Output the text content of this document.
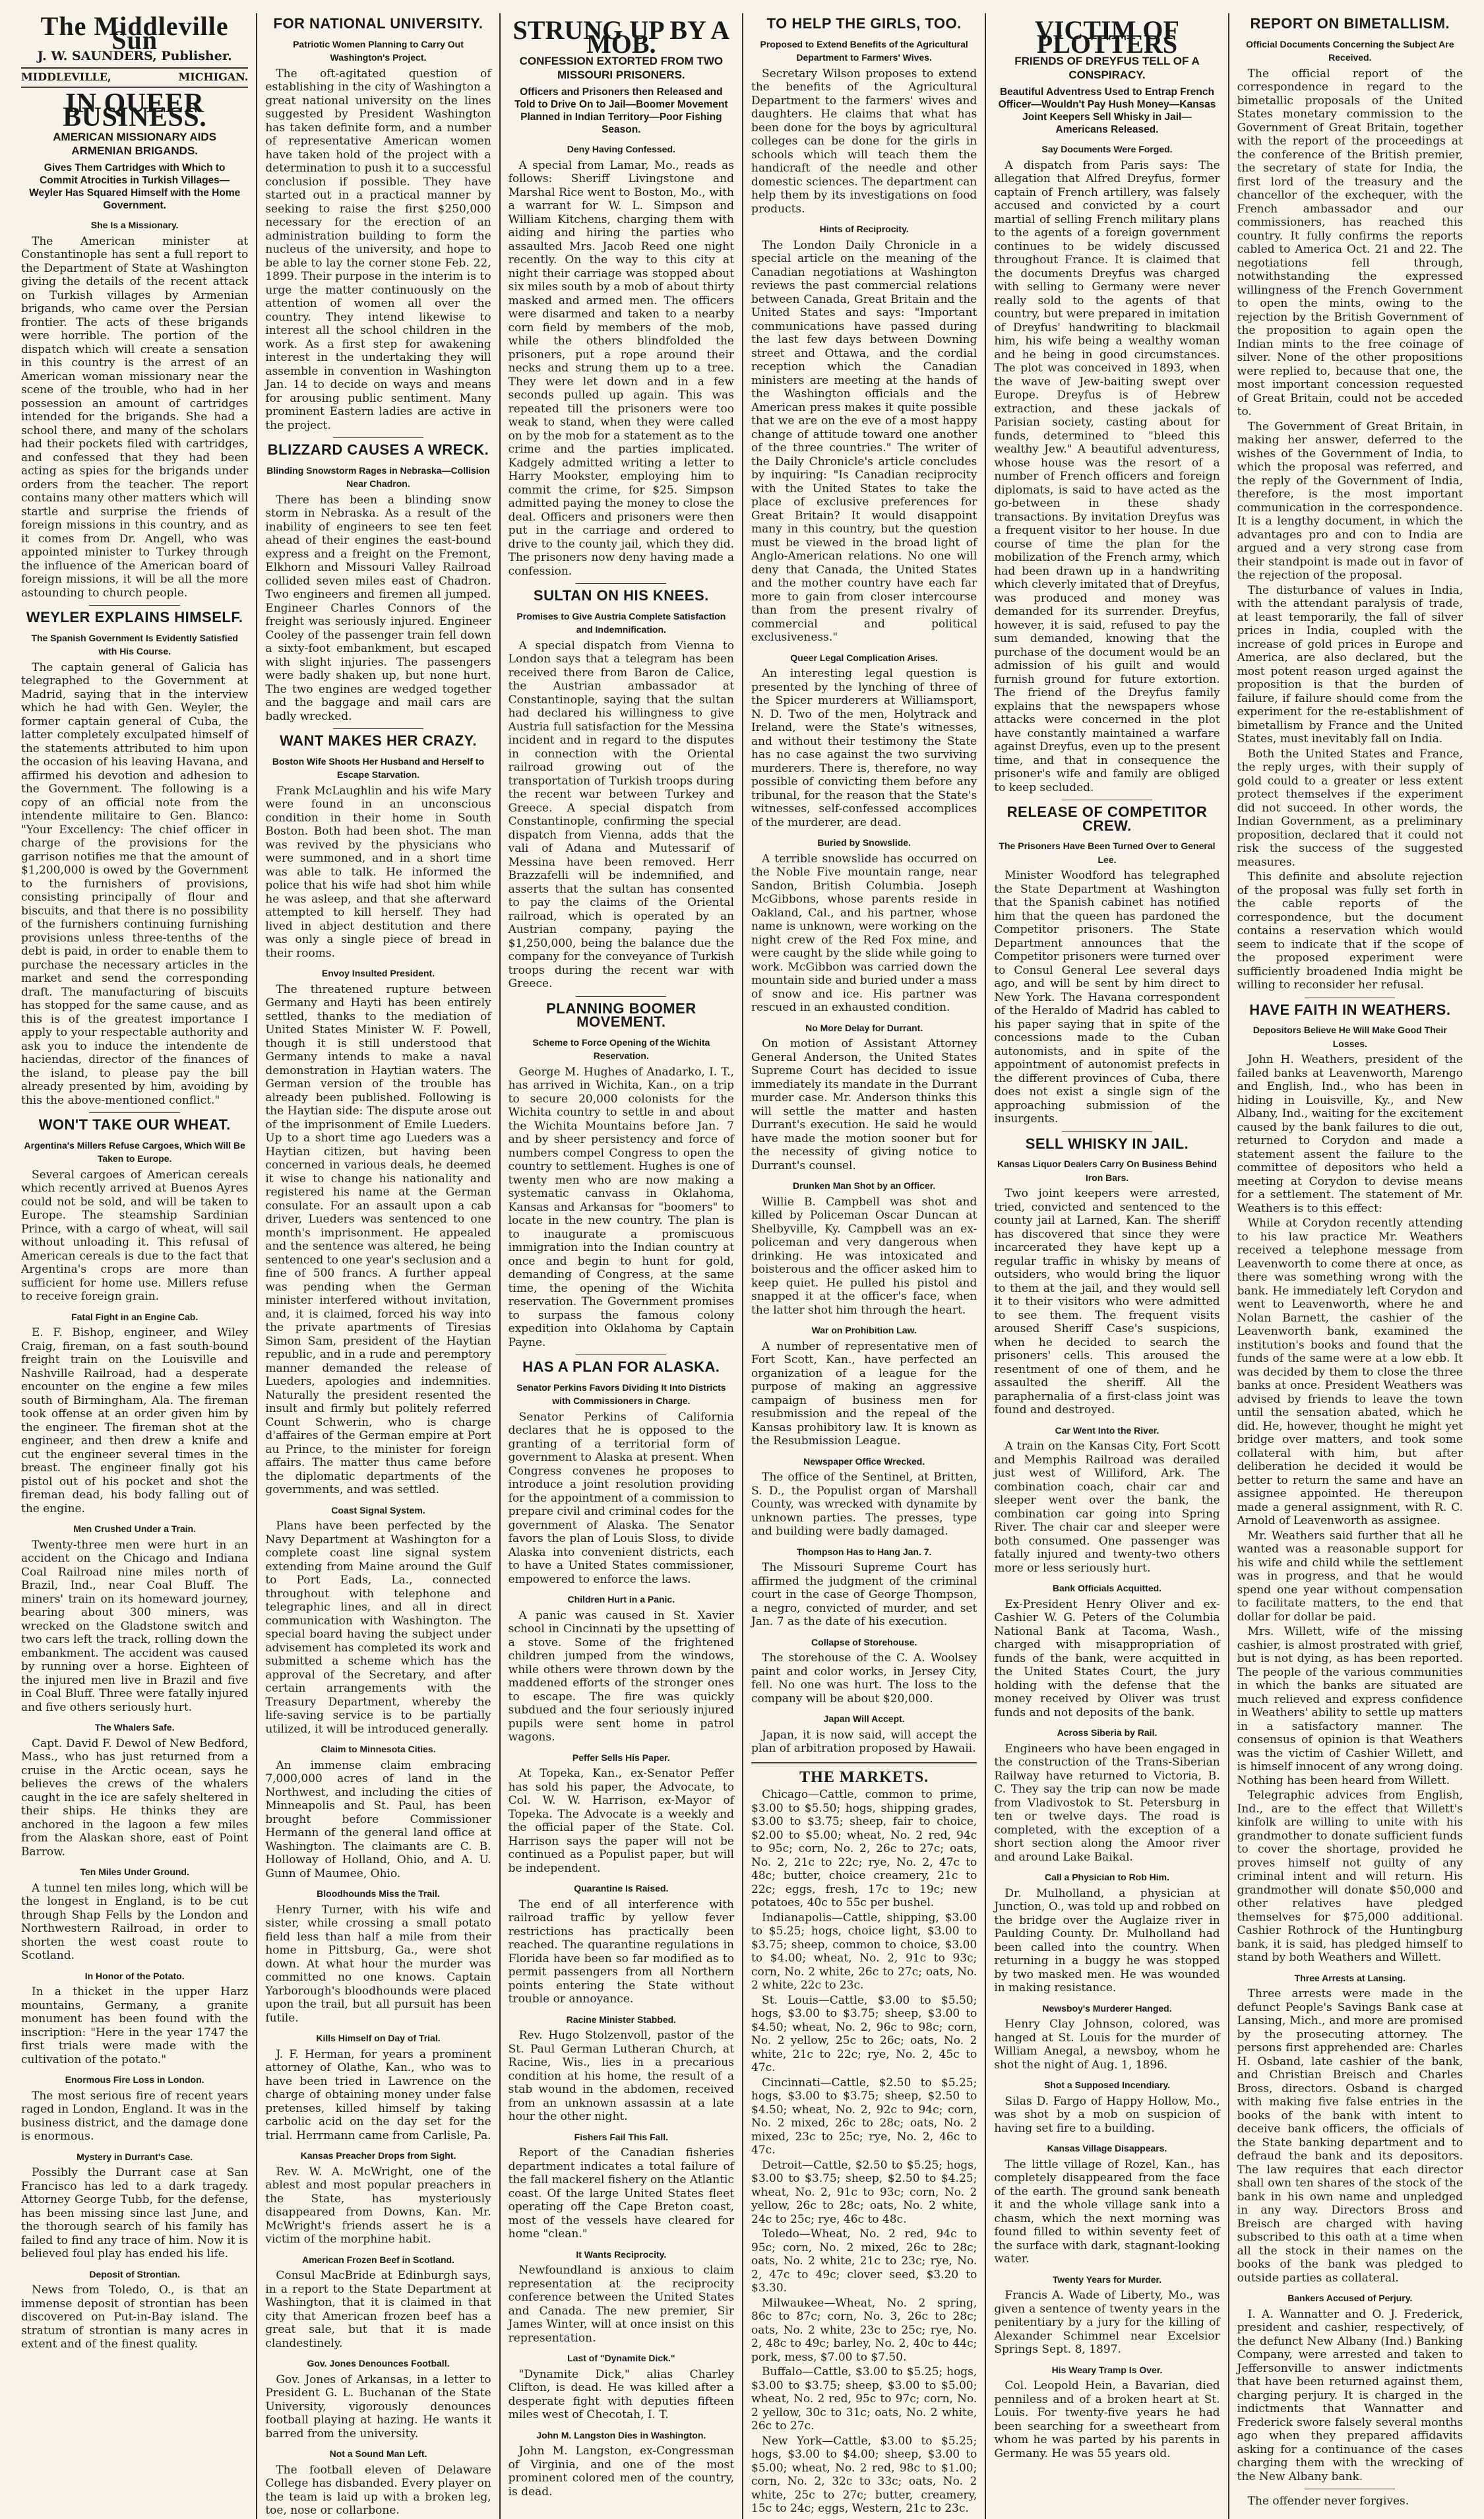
The Middleville Sun
J. W. SAUNDERS, Publisher.
MIDDLEVILLE,	MICHIGAN.
IN QUEER BUSINESS.
AMERICAN MISSIONARY AIDS ARMENIAN BRIGANDS.
Gives Them Cartridges with Which to Commit Atrocities in Turkish Villages—Weyler Has Squared Himself with the Home Government.
She Is a Missionary.

The American minister at Constantinople has sent a full report to the Department of State at Washington giving the details of the recent attack on Turkish villages by Armenian brigands, who came over the Persian frontier. The acts of these brigands were horrible. The portion of the dispatch which will create a sensation in this country is the arrest of an American woman missionary near the scene of the trouble, who had in her possession an amount of cartridges intended for the brigands. She had a school there, and many of the scholars had their pockets filed with cartridges, and confessed that they had been acting as spies for the brigands under orders from the teacher. The report contains many other matters which will startle and surprise the friends of foreign missions in this country, and as it comes from Dr. Angell, who was appointed minister to Turkey through the influence of the American board of foreign missions, it will be all the more astounding to church people.

WEYLER EXPLAINS HIMSELF.
The Spanish Government Is Evidently Satisfied with His Course.

The captain general of Galicia has telegraphed to the Government at Madrid, saying that in the interview which he had with Gen. Weyler, the former captain general of Cuba, the latter completely exculpated himself of the statements attributed to him upon the occasion of his leaving Havana, and affirmed his devotion and adhesion to the Government. The following is a copy of an official note from the intendente militaire to Gen. Blanco: "Your Excellency: The chief officer in charge of the provisions for the garrison notifies me that the amount of $1,200,000 is owed by the Government to the furnishers of provisions, consisting principally of flour and biscuits, and that there is no possibility of the furnishers continuing furnishing provisions unless three-tenths of the debt is paid, in order to enable them to purchase the necessary articles in the market and send the corresponding draft. The manufacturing of biscuits has stopped for the same cause, and as this is of the greatest importance I apply to your respectable authority and ask you to induce the intendente de haciendas, director of the finances of the island, to please pay the bill already presented by him, avoiding by this the above-mentioned conflict."

WON'T TAKE OUR WHEAT.
Argentina's Millers Refuse Cargoes, Which Will Be Taken to Europe.

Several cargoes of American cereals which recently arrived at Buenos Ayres could not be sold, and will be taken to Europe. The steamship Sardinian Prince, with a cargo of wheat, will sail without unloading it. This refusal of American cereals is due to the fact that Argentina's crops are more than sufficient for home use. Millers refuse to receive foreign grain.

Fatal Fight in an Engine Cab.

E. F. Bishop, engineer, and Wiley Craig, fireman, on a fast south-bound freight train on the Louisville and Nashville Railroad, had a desperate encounter on the engine a few miles south of Birmingham, Ala. The fireman took offense at an order given him by the engineer. The fireman shot at the engineer, and then drew a knife and cut the engineer several times in the breast. The engineer finally got his pistol out of his pocket and shot the fireman dead, his body falling out of the engine.

Men Crushed Under a Train.

Twenty-three men were hurt in an accident on the Chicago and Indiana Coal Railroad nine miles north of Brazil, Ind., near Coal Bluff. The miners' train on its homeward journey, bearing about 300 miners, was wrecked on the Gladstone switch and two cars left the track, rolling down the embankment. The accident was caused by running over a horse. Eighteen of the injured men live in Brazil and five in Coal Bluff. Three were fatally injured and five others seriously hurt.

The Whalers Safe.

Capt. David F. Dewol of New Bedford, Mass., who has just returned from a cruise in the Arctic ocean, says he believes the crews of the whalers caught in the ice are safely sheltered in their ships. He thinks they are anchored in the lagoon a few miles from the Alaskan shore, east of Point Barrow.

Ten Miles Under Ground.

A tunnel ten miles long, which will be the longest in England, is to be cut through Shap Fells by the London and Northwestern Railroad, in order to shorten the west coast route to Scotland.

In Honor of the Potato.

In a thicket in the upper Harz mountains, Germany, a granite monument has been found with the inscription: "Here in the year 1747 the first trials were made with the cultivation of the potato."

Enormous Fire Loss in London.

The most serious fire of recent years raged in London, England. It was in the business district, and the damage done is enormous.

Mystery in Durrant's Case.

Possibly the Durrant case at San Francisco has led to a dark tragedy. Attorney George Tubb, for the defense, has been missing since last June, and the thorough search of his family has failed to find any trace of him. Now it is believed foul play has ended his life.

Deposit of Strontian.

News from Toledo, O., is that an immense deposit of strontian has been discovered on Put-in-Bay island. The stratum of strontian is many acres in extent and of the finest quality.

FOR NATIONAL UNIVERSITY.
Patriotic Women Planning to Carry Out Washington's Project.

The oft-agitated question of establishing in the city of Washington a great national university on the lines suggested by President Washington has taken definite form, and a number of representative American women have taken hold of the project with a determination to push it to a successful conclusion if possible. They have started out in a practical manner by seeking to raise the first $250,000 necessary for the erection of an administration building to form the nucleus of the university, and hope to be able to lay the corner stone Feb. 22, 1899. Their purpose in the interim is to urge the matter continuously on the attention of women all over the country. They intend likewise to interest all the school children in the work. As a first step for awakening interest in the undertaking they will assemble in convention in Washington Jan. 14 to decide on ways and means for arousing public sentiment. Many prominent Eastern ladies are active in the project.

BLIZZARD CAUSES A WRECK.
Blinding Snowstorm Rages in Nebraska—Collision Near Chadron.

There has been a blinding snow storm in Nebraska. As a result of the inability of engineers to see ten feet ahead of their engines the east-bound express and a freight on the Fremont, Elkhorn and Missouri Valley Railroad collided seven miles east of Chadron. Two engineers and firemen all jumped. Engineer Charles Connors of the freight was seriously injured. Engineer Cooley of the passenger train fell down a sixty-foot embankment, but escaped with slight injuries. The passengers were badly shaken up, but none hurt. The two engines are wedged together and the baggage and mail cars are badly wrecked.

WANT MAKES HER CRAZY.
Boston Wife Shoots Her Husband and Herself to Escape Starvation.

Frank McLaughlin and his wife Mary were found in an unconscious condition in their home in South Boston. Both had been shot. The man was revived by the physicians who were summoned, and in a short time was able to talk. He informed the police that his wife had shot him while he was asleep, and that she afterward attempted to kill herself. They had lived in abject destitution and there was only a single piece of bread in their rooms.

Envoy Insulted President.

The threatened rupture between Germany and Hayti has been entirely settled, thanks to the mediation of United States Minister W. F. Powell, though it is still understood that Germany intends to make a naval demonstration in Haytian waters. The German version of the trouble has already been published. Following is the Haytian side: The dispute arose out of the imprisonment of Emile Lueders. Up to a short time ago Lueders was a Haytian citizen, but having been concerned in various deals, he deemed it wise to change his nationality and registered his name at the German consulate. For an assault upon a cab driver, Lueders was sentenced to one month's imprisonment. He appealed and the sentence was altered, he being sentenced to one year's seclusion and a fine of 500 francs. A further appeal was pending when the German minister interfered without invitation, and, it is claimed, forced his way into the private apartments of Tiresias Simon Sam, president of the Haytian republic, and in a rude and peremptory manner demanded the release of Lueders, apologies and indemnities. Naturally the president resented the insult and firmly but politely referred Count Schwerin, who is charge d'affaires of the German empire at Port au Prince, to the minister for foreign affairs. The matter thus came before the diplomatic departments of the governments, and was settled.

Coast Signal System.

Plans have been perfected by the Navy Department at Washington for a complete coast line signal system extending from Maine around the Gulf to Port Eads, La., connected throughout with telephone and telegraphic lines, and all in direct communication with Washington. The special board having the subject under advisement has completed its work and submitted a scheme which has the approval of the Secretary, and after certain arrangements with the Treasury Department, whereby the life-saving service is to be partially utilized, it will be introduced generally.

Claim to Minnesota Cities.

An immense claim embracing 7,000,000 acres of land in the Northwest, and including the cities of Minneapolis and St. Paul, has been brought before Commissioner Hermann of the general land office at Washington. The claimants are C. B. Holloway of Holland, Ohio, and A. U. Gunn of Maumee, Ohio.

Bloodhounds Miss the Trail.

Henry Turner, with his wife and sister, while crossing a small potato field less than half a mile from their home in Pittsburg, Ga., were shot down. At what hour the murder was committed no one knows. Captain Yarborough's bloodhounds were placed upon the trail, but all pursuit has been futile.

Kills Himself on Day of Trial.

J. F. Herman, for years a prominent attorney of Olathe, Kan., who was to have been tried in Lawrence on the charge of obtaining money under false pretenses, killed himself by taking carbolic acid on the day set for the trial. Herrmann came from Carlisle, Pa.

Kansas Preacher Drops from Sight.

Rev. W. A. McWright, one of the ablest and most popular preachers in the State, has mysteriously disappeared from Downs, Kan. Mr. McWright's friends assert he is a victim of the morphine habit.

American Frozen Beef in Scotland.

Consul MacBride at Edinburgh says, in a report to the State Department at Washington, that it is claimed in that city that American frozen beef has a great sale, but that it is made clandestinely.

Gov. Jones Denounces Football.

Gov. Jones of Arkansas, in a letter to President G. L. Buchanan of the State University, vigorously denounces football playing at hazing. He wants it barred from the university.

Not a Sound Man Left.

The football eleven of Delaware College has disbanded. Every player on the team is laid up with a broken leg, toe, nose or collarbone.

STRUNG UP BY A MOB.
CONFESSION EXTORTED FROM TWO MISSOURI PRISONERS.
Officers and Prisoners then Released and Told to Drive On to Jail—Boomer Movement Planned in Indian Territory—Poor Fishing Season.
Deny Having Confessed.

A special from Lamar, Mo., reads as follows: Sheriff Livingstone and Marshal Rice went to Boston, Mo., with a warrant for W. L. Simpson and William Kitchens, charging them with aiding and hiring the parties who assaulted Mrs. Jacob Reed one night recently. On the way to this city at night their carriage was stopped about six miles south by a mob of about thirty masked and armed men. The officers were disarmed and taken to a nearby corn field by members of the mob, while the others blindfolded the prisoners, put a rope around their necks and strung them up to a tree. They were let down and in a few seconds pulled up again. This was repeated till the prisoners were too weak to stand, when they were called on by the mob for a statement as to the crime and the parties implicated. Kadgely admitted writing a letter to Harry Mookster, employing him to commit the crime, for $25. Simpson admitted paying the money to close the deal. Officers and prisoners were then put in the carriage and ordered to drive to the county jail, which they did. The prisoners now deny having made a confession.

SULTAN ON HIS KNEES.
Promises to Give Austria Complete Satisfaction and Indemnification.

A special dispatch from Vienna to London says that a telegram has been received there from Baron de Calice, the Austrian ambassador at Constantinople, saying that the sultan had declared his willingness to give Austria full satisfaction for the Messina incident and in regard to the disputes in connection with the Oriental railroad growing out of the transportation of Turkish troops during the recent war between Turkey and Greece. A special dispatch from Constantinople, confirming the special dispatch from Vienna, adds that the vali of Adana and Mutessarif of Messina have been removed. Herr Brazzafelli will be indemnified, and asserts that the sultan has consented to pay the claims of the Oriental railroad, which is operated by an Austrian company, paying the $1,250,000, being the balance due the company for the conveyance of Turkish troops during the recent war with Greece.

PLANNING BOOMER MOVEMENT.
Scheme to Force Opening of the Wichita Reservation.

George M. Hughes of Anadarko, I. T., has arrived in Wichita, Kan., on a trip to secure 20,000 colonists for the Wichita country to settle in and about the Wichita Mountains before Jan. 7 and by sheer persistency and force of numbers compel Congress to open the country to settlement. Hughes is one of twenty men who are now making a systematic canvass in Oklahoma, Kansas and Arkansas for "boomers" to locate in the new country. The plan is to inaugurate a promiscuous immigration into the Indian country at once and begin to hunt for gold, demanding of Congress, at the same time, the opening of the Wichita reservation. The Government promises to surpass the famous colony expedition into Oklahoma by Captain Payne.

HAS A PLAN FOR ALASKA.
Senator Perkins Favors Dividing It Into Districts with Commissioners in Charge.

Senator Perkins of California declares that he is opposed to the granting of a territorial form of government to Alaska at present. When Congress convenes he proposes to introduce a joint resolution providing for the appointment of a commission to prepare civil and criminal codes for the government of Alaska. The Senator favors the plan of Louis Sloss, to divide Alaska into convenient districts, each to have a United States commissioner, empowered to enforce the laws.

Children Hurt in a Panic.

A panic was caused in St. Xavier school in Cincinnati by the upsetting of a stove. Some of the frightened children jumped from the windows, while others were thrown down by the maddened efforts of the stronger ones to escape. The fire was quickly subdued and the four seriously injured pupils were sent home in patrol wagons.

Peffer Sells His Paper.

At Topeka, Kan., ex-Senator Peffer has sold his paper, the Advocate, to Col. W. W. Harrison, ex-Mayor of Topeka. The Advocate is a weekly and the official paper of the State. Col. Harrison says the paper will not be continued as a Populist paper, but will be independent.

Quarantine Is Raised.

The end of all interference with railroad traffic by yellow fever restrictions has practically been reached. The quarantine regulations in Florida have been so far modified as to permit passengers from all Northern points entering the State without trouble or annoyance.

Racine Minister Stabbed.

Rev. Hugo Stolzenvoll, pastor of the St. Paul German Lutheran Church, at Racine, Wis., lies in a precarious condition at his home, the result of a stab wound in the abdomen, received from an unknown assassin at a late hour the other night.

Fishers Fail This Fall.

Report of the Canadian fisheries department indicates a total failure of the fall mackerel fishery on the Atlantic coast. Of the large United States fleet operating off the Cape Breton coast, most of the vessels have cleared for home "clean."

It Wants Reciprocity.

Newfoundland is anxious to claim representation at the reciprocity conference between the United States and Canada. The new premier, Sir James Winter, will at once insist on this representation.

Last of "Dynamite Dick."

"Dynamite Dick," alias Charley Clifton, is dead. He was killed after a desperate fight with deputies fifteen miles west of Checotah, I. T.

John M. Langston Dies in Washington.

John M. Langston, ex-Congressman of Virginia, and one of the most prominent colored men of the country, is dead.

TO HELP THE GIRLS, TOO.
Proposed to Extend Benefits of the Agricultural Department to Farmers' Wives.

Secretary Wilson proposes to extend the benefits of the Agricultural Department to the farmers' wives and daughters. He claims that what has been done for the boys by agricultural colleges can be done for the girls in schools which will teach them the handicraft of the needle and other domestic sciences. The department can help them by its investigations on food products.

Hints of Reciprocity.

The London Daily Chronicle in a special article on the meaning of the Canadian negotiations at Washington reviews the past commercial relations between Canada, Great Britain and the United States and says: "Important communications have passed during the last few days between Downing street and Ottawa, and the cordial reception which the Canadian ministers are meeting at the hands of the Washington officials and the American press makes it quite possible that we are on the eve of a most happy change of attitude toward one another of the three countries." The writer of the Daily Chronicle's article concludes by inquiring: "Is Canadian reciprocity with the United States to take the place of exclusive preferences for Great Britain? It would disappoint many in this country, but the question must be viewed in the broad light of Anglo-American relations. No one will deny that Canada, the United States and the mother country have each far more to gain from closer intercourse than from the present rivalry of commercial and political exclusiveness."

Queer Legal Complication Arises.

An interesting legal question is presented by the lynching of three of the Spicer murderers at Williamsport, N. D. Two of the men, Holytrack and Ireland, were the State's witnesses, and without their testimony the State has no case against the two surviving murderers. There is, therefore, no way possible of convicting them before any tribunal, for the reason that the State's witnesses, self-confessed accomplices of the murderer, are dead.

Buried by Snowslide.

A terrible snowslide has occurred on the Noble Five mountain range, near Sandon, British Columbia. Joseph McGibbons, whose parents reside in Oakland, Cal., and his partner, whose name is unknown, were working on the night crew of the Red Fox mine, and were caught by the slide while going to work. McGibbon was carried down the mountain side and buried under a mass of snow and ice. His partner was rescued in an exhausted condition.

No More Delay for Durrant.

On motion of Assistant Attorney General Anderson, the United States Supreme Court has decided to issue immediately its mandate in the Durrant murder case. Mr. Anderson thinks this will settle the matter and hasten Durrant's execution. He said he would have made the motion sooner but for the necessity of giving notice to Durrant's counsel.

Drunken Man Shot by an Officer.

Willie B. Campbell was shot and killed by Policeman Oscar Duncan at Shelbyville, Ky. Campbell was an ex-policeman and very dangerous when drinking. He was intoxicated and boisterous and the officer asked him to keep quiet. He pulled his pistol and snapped it at the officer's face, when the latter shot him through the heart.

War on Prohibition Law.

A number of representative men of Fort Scott, Kan., have perfected an organization of a league for the purpose of making an aggressive campaign of business men for resubmission and the repeal of the Kansas prohibitory law. It is known as the Resubmission League.

Newspaper Office Wrecked.

The office of the Sentinel, at Britten, S. D., the Populist organ of Marshall County, was wrecked with dynamite by unknown parties. The presses, type and building were badly damaged.

Thompson Has to Hang Jan. 7.

The Missouri Supreme Court has affirmed the judgment of the criminal court in the case of George Thompson, a negro, convicted of murder, and set Jan. 7 as the date of his execution.

Collapse of Storehouse.

The storehouse of the C. A. Woolsey paint and color works, in Jersey City, fell. No one was hurt. The loss to the company will be about $20,000.

Japan Will Accept.

Japan, it is now said, will accept the plan of arbitration proposed by Hawaii.

THE MARKETS.

Chicago—Cattle, common to prime, $3.00 to $5.50; hogs, shipping grades, $3.00 to $3.75; sheep, fair to choice, $2.00 to $5.00; wheat, No. 2 red, 94c to 95c; corn, No. 2, 26c to 27c; oats, No. 2, 21c to 22c; rye, No. 2, 47c to 48c; butter, choice creamery, 21c to 22c; eggs, fresh, 17c to 19c; new potatoes, 40c to 55c per bushel.

Indianapolis—Cattle, shipping, $3.00 to $5.25; hogs, choice light, $3.00 to $3.75; sheep, common to choice, $3.00 to $4.00; wheat, No. 2, 91c to 93c; corn, No. 2 white, 26c to 27c; oats, No. 2 white, 22c to 23c.

St. Louis—Cattle, $3.00 to $5.50; hogs, $3.00 to $3.75; sheep, $3.00 to $4.50; wheat, No. 2, 96c to 98c; corn, No. 2 yellow, 25c to 26c; oats, No. 2 white, 21c to 22c; rye, No. 2, 45c to 47c.

Cincinnati—Cattle, $2.50 to $5.25; hogs, $3.00 to $3.75; sheep, $2.50 to $4.50; wheat, No. 2, 92c to 94c; corn, No. 2 mixed, 26c to 28c; oats, No. 2 mixed, 23c to 25c; rye, No. 2, 46c to 47c.

Detroit—Cattle, $2.50 to $5.25; hogs, $3.00 to $3.75; sheep, $2.50 to $4.25; wheat, No. 2, 91c to 93c; corn, No. 2 yellow, 26c to 28c; oats, No. 2 white, 24c to 25c; rye, 46c to 48c.

Toledo—Wheat, No. 2 red, 94c to 95c; corn, No. 2 mixed, 26c to 28c; oats, No. 2 white, 21c to 23c; rye, No. 2, 47c to 49c; clover seed, $3.20 to $3.30.

Milwaukee—Wheat, No. 2 spring, 86c to 87c; corn, No. 3, 26c to 28c; oats, No. 2 white, 23c to 25c; rye, No. 2, 48c to 49c; barley, No. 2, 40c to 44c; pork, mess, $7.00 to $7.50.

Buffalo—Cattle, $3.00 to $5.25; hogs, $3.00 to $3.75; sheep, $3.00 to $5.00; wheat, No. 2 red, 95c to 97c; corn, No. 2 yellow, 30c to 31c; oats, No. 2 white, 26c to 27c.

New York—Cattle, $3.00 to $5.25; hogs, $3.00 to $4.00; sheep, $3.00 to $5.00; wheat, No. 2 red, 98c to $1.00; corn, No. 2, 32c to 33c; oats, No. 2 white, 25c to 27c; butter, creamery, 15c to 24c; eggs, Western, 21c to 23c.

VICTIM OF PLOTTERS
FRIENDS OF DREYFUS TELL OF A CONSPIRACY.
Beautiful Adventress Used to Entrap French Officer—Wouldn't Pay Hush Money—Kansas Joint Keepers Sell Whisky in Jail—Americans Released.
Say Documents Were Forged.

A dispatch from Paris says: The allegation that Alfred Dreyfus, former captain of French artillery, was falsely accused and convicted by a court martial of selling French military plans to the agents of a foreign government continues to be widely discussed throughout France. It is claimed that the documents Dreyfus was charged with selling to Germany were never really sold to the agents of that country, but were prepared in imitation of Dreyfus' handwriting to blackmail him, his wife being a wealthy woman and he being in good circumstances. The plot was conceived in 1893, when the wave of Jew-baiting swept over Europe. Dreyfus is of Hebrew extraction, and these jackals of Parisian society, casting about for funds, determined to "bleed this wealthy Jew." A beautiful adventuress, whose house was the resort of a number of French officers and foreign diplomats, is said to have acted as the go-between in these shady transactions. By invitation Dreyfus was a frequent visitor to her house. In due course of time the plan for the mobilization of the French army, which had been drawn up in a handwriting which cleverly imitated that of Dreyfus, was produced and money was demanded for its surrender. Dreyfus, however, it is said, refused to pay the sum demanded, knowing that the purchase of the document would be an admission of his guilt and would furnish ground for future extortion. The friend of the Dreyfus family explains that the newspapers whose attacks were concerned in the plot have constantly maintained a warfare against Dreyfus, even up to the present time, and that in consequence the prisoner's wife and family are obliged to keep secluded.

RELEASE OF COMPETITOR CREW.
The Prisoners Have Been Turned Over to General Lee.

Minister Woodford has telegraphed the State Department at Washington that the Spanish cabinet has notified him that the queen has pardoned the Competitor prisoners. The State Department announces that the Competitor prisoners were turned over to Consul General Lee several days ago, and will be sent by him direct to New York. The Havana correspondent of the Heraldo of Madrid has cabled to his paper saying that in spite of the concessions made to the Cuban autonomists, and in spite of the appointment of autonomist prefects in the different provinces of Cuba, there does not exist a single sign of the approaching submission of the insurgents.

SELL WHISKY IN JAIL.
Kansas Liquor Dealers Carry On Business Behind Iron Bars.

Two joint keepers were arrested, tried, convicted and sentenced to the county jail at Larned, Kan. The sheriff has discovered that since they were incarcerated they have kept up a regular traffic in whisky by means of outsiders, who would bring the liquor to them at the jail, and they would sell it to their visitors who were admitted to see them. The frequent visits aroused Sheriff Case's suspicions, when he decided to search the prisoners' cells. This aroused the resentment of one of them, and he assaulted the sheriff. All the paraphernalia of a first-class joint was found and destroyed.

Car Went Into the River.

A train on the Kansas City, Fort Scott and Memphis Railroad was derailed just west of Williford, Ark. The combination coach, chair car and sleeper went over the bank, the combination car going into Spring River. The chair car and sleeper were both consumed. One passenger was fatally injured and twenty-two others more or less seriously hurt.

Bank Officials Acquitted.

Ex-President Henry Oliver and ex-Cashier W. G. Peters of the Columbia National Bank at Tacoma, Wash., charged with misappropriation of funds of the bank, were acquitted in the United States Court, the jury holding with the defense that the money received by Oliver was trust funds and not deposits of the bank.

Across Siberia by Rail.

Engineers who have been engaged in the construction of the Trans-Siberian Railway have returned to Victoria, B. C. They say the trip can now be made from Vladivostok to St. Petersburg in ten or twelve days. The road is completed, with the exception of a short section along the Amoor river and around Lake Baikal.

Call a Physician to Rob Him.

Dr. Mulholland, a physician at Junction, O., was told up and robbed on the bridge over the Auglaize river in Paulding County. Dr. Mulholland had been called into the country. When returning in a buggy he was stopped by two masked men. He was wounded in making resistance.

Newsboy's Murderer Hanged.

Henry Clay Johnson, colored, was hanged at St. Louis for the murder of William Anegal, a newsboy, whom he shot the night of Aug. 1, 1896.

Shot a Supposed Incendiary.

Silas D. Fargo of Happy Hollow, Mo., was shot by a mob on suspicion of having set fire to a building.

Kansas Village Disappears.

The little village of Rozel, Kan., has completely disappeared from the face of the earth. The ground sank beneath it and the whole village sank into a chasm, which the next morning was found filled to within seventy feet of the surface with dark, stagnant-looking water.

Twenty Years for Murder.

Francis A. Wade of Liberty, Mo., was given a sentence of twenty years in the penitentiary by a jury for the killing of Alexander Schimmel near Excelsior Springs Sept. 8, 1897.

His Weary Tramp Is Over.

Col. Leopold Hein, a Bavarian, died penniless and of a broken heart at St. Louis. For twenty-five years he had been searching for a sweetheart from whom he was parted by his parents in Germany. He was 55 years old.

REPORT ON BIMETALLISM.
Official Documents Concerning the Subject Are Received.

The official report of the correspondence in regard to the bimetallic proposals of the United States monetary commission to the Government of Great Britain, together with the report of the proceedings at the conference of the British premier, the secretary of state for India, the first lord of the treasury and the chancellor of the exchequer, with the French ambassador and our commissioners, has reached this country. It fully confirms the reports cabled to America Oct. 21 and 22. The negotiations fell through, notwithstanding the expressed willingness of the French Government to open the mints, owing to the rejection by the British Government of the proposition to again open the Indian mints to the free coinage of silver. None of the other propositions were replied to, because that one, the most important concession requested of Great Britain, could not be acceded to.

The Government of Great Britain, in making her answer, deferred to the wishes of the Government of India, to which the proposal was referred, and the reply of the Government of India, therefore, is the most important communication in the correspondence. It is a lengthy document, in which the advantages pro and con to India are argued and a very strong case from their standpoint is made out in favor of the rejection of the proposal.

The disturbance of values in India, with the attendant paralysis of trade, at least temporarily, the fall of silver prices in India, coupled with the increase of gold prices in Europe and America, are also declared, but the most potent reason urged against the proposition is that the burden of failure, if failure should come from the experiment for the re-establishment of bimetallism by France and the United States, must inevitably fall on India.

Both the United States and France, the reply urges, with their supply of gold could to a greater or less extent protect themselves if the experiment did not succeed. In other words, the Indian Government, as a preliminary proposition, declared that it could not risk the success of the suggested measures.

This definite and absolute rejection of the proposal was fully set forth in the cable reports of the correspondence, but the document contains a reservation which would seem to indicate that if the scope of the proposed experiment were sufficiently broadened India might be willing to reconsider her refusal.

HAVE FAITH IN WEATHERS.
Depositors Believe He Will Make Good Their Losses.

John H. Weathers, president of the failed banks at Leavenworth, Marengo and English, Ind., who has been in hiding in Louisville, Ky., and New Albany, Ind., waiting for the excitement caused by the bank failures to die out, returned to Corydon and made a statement assent the failure to the committee of depositors who held a meeting at Corydon to devise means for a settlement. The statement of Mr. Weathers is to this effect:

While at Corydon recently attending to his law practice Mr. Weathers received a telephone message from Leavenworth to come there at once, as there was something wrong with the bank. He immediately left Corydon and went to Leavenworth, where he and Nolan Barnett, the cashier of the Leavenworth bank, examined the institution's books and found that the funds of the same were at a low ebb. It was decided by them to close the three banks at once. President Weathers was advised by friends to leave the town until the sensation abated, which he did. He, however, thought he might yet bridge over matters, and took some collateral with him, but after deliberation he decided it would be better to return the same and have an assignee appointed. He thereupon made a general assignment, with R. C. Arnold of Leavenworth as assignee.

Mr. Weathers said further that all he wanted was a reasonable support for his wife and child while the settlement was in progress, and that he would spend one year without compensation to facilitate matters, to the end that dollar for dollar be paid.

Mrs. Willett, wife of the missing cashier, is almost prostrated with grief, but is not dying, as has been reported. The people of the various communities in which the banks are situated are much relieved and express confidence in Weathers' ability to settle up matters in a satisfactory manner. The consensus of opinion is that Weathers was the victim of Cashier Willett, and is himself innocent of any wrong doing. Nothing has been heard from Willett.

Telegraphic advices from English, Ind., are to the effect that Willett's kinfolk are willing to unite with his grandmother to donate sufficient funds to cover the shortage, provided he proves himself not guilty of any criminal intent and will return. His grandmother will donate $50,000 and other relatives have pledged themselves for $75,000 additional. Cashier Rothrock of the Huntingburg bank, it is said, has pledged himself to stand by both Weathers and Willett.

Three Arrests at Lansing.

Three arrests were made in the defunct People's Savings Bank case at Lansing, Mich., and more are promised by the prosecuting attorney. The persons first apprehended are: Charles H. Osband, late cashier of the bank, and Christian Breisch and Charles Bross, directors. Osband is charged with making five false entries in the books of the bank with intent to deceive bank officers, the officials of the State banking department and to defraud the bank and its depositors. The law requires that each director shall own ten shares of the stock of the bank in his own name and unpledged in any way. Directors Bross and Breisch are charged with having subscribed to this oath at a time when all the stock in their names on the books of the bank was pledged to outside parties as collateral.

Bankers Accused of Perjury.

I. A. Wannatter and O. J. Frederick, president and cashier, respectively, of the defunct New Albany (Ind.) Banking Company, were arrested and taken to Jeffersonville to answer indictments that have been returned against them, charging perjury. It is charged in the indictments that Wannatter and Frederick swore falsely several months ago when they prepared affidavits asking for a continuance of the cases charging them with the wrecking of the New Albany bank.

The offender never forgives.
